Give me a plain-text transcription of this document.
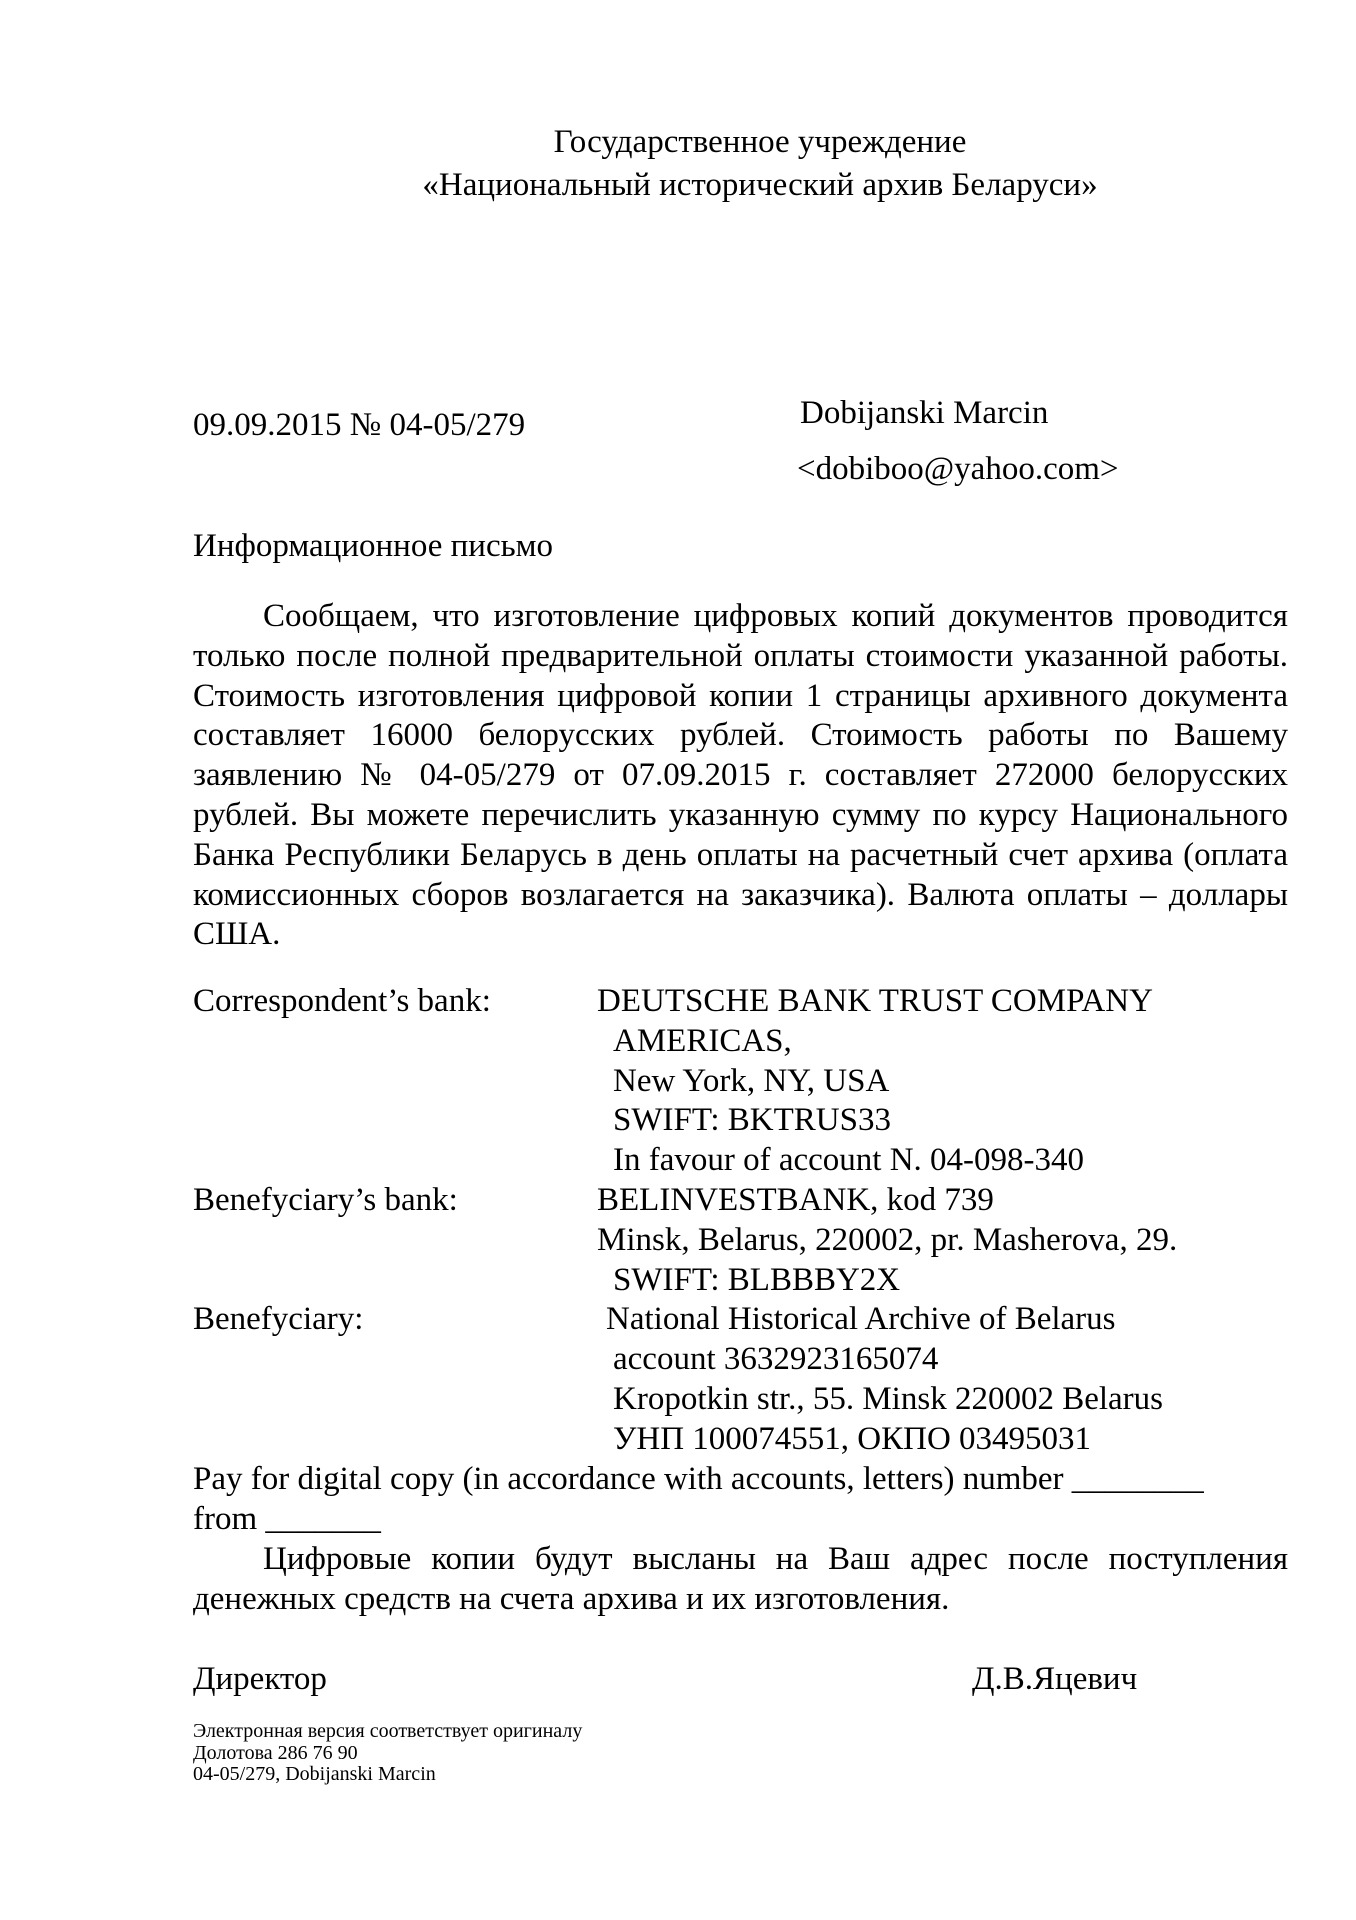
Государственное учреждение
«Национальный исторический архив Беларуси»
09.09.2015 № 04-05/279	Dobijanski Marcin
<dobiboo@yahoo.com>
Информационное письмо
Сообщаем, что изготовление цифровых копий документов проводится только после полной предварительной оплаты стоимости указанной работы. Стоимость изготовления цифровой копии 1 страницы архивного документа составляет 16000 белорусских рублей. Стоимость работы по Вашему заявлению № 04-05/279 от 07.09.2015 г. составляет 272000 белорусских рублей. Вы можете перечислить указанную сумму по курсу Национального Банка Республики Беларусь в день оплаты на расчетный счет архива (оплата комиссионных сборов возлагается на заказчика). Валюта оплаты – доллары США.
Correspondent’s bank:	DEUTSCHE BANK TRUST COMPANY
AMERICAS,
New York, NY, USA
SWIFT: BKTRUS33
In favour of account N. 04-098-340
Benefyciary’s bank:	BELINVESTBANK, kod 739
Minsk, Belarus, 220002, pr. Masherova, 29.
SWIFT: BLBBBY2X
Benefyciary:	National Historical Archive of Belarus
account 3632923165074
Kropotkin str., 55. Minsk 220002 Belarus
УНП 100074551, ОКПО 03495031
Pay for digital copy (in accordance with accounts, letters) number ________
from _______
Цифровые копии будут высланы на Ваш адрес после поступления денежных средств на счета архива и их изготовления.
Директор	Д.В.Яцевич
Электронная версия соответствует оригиналу
Долотова 286 76 90
04-05/279, Dobijanski Marcin
